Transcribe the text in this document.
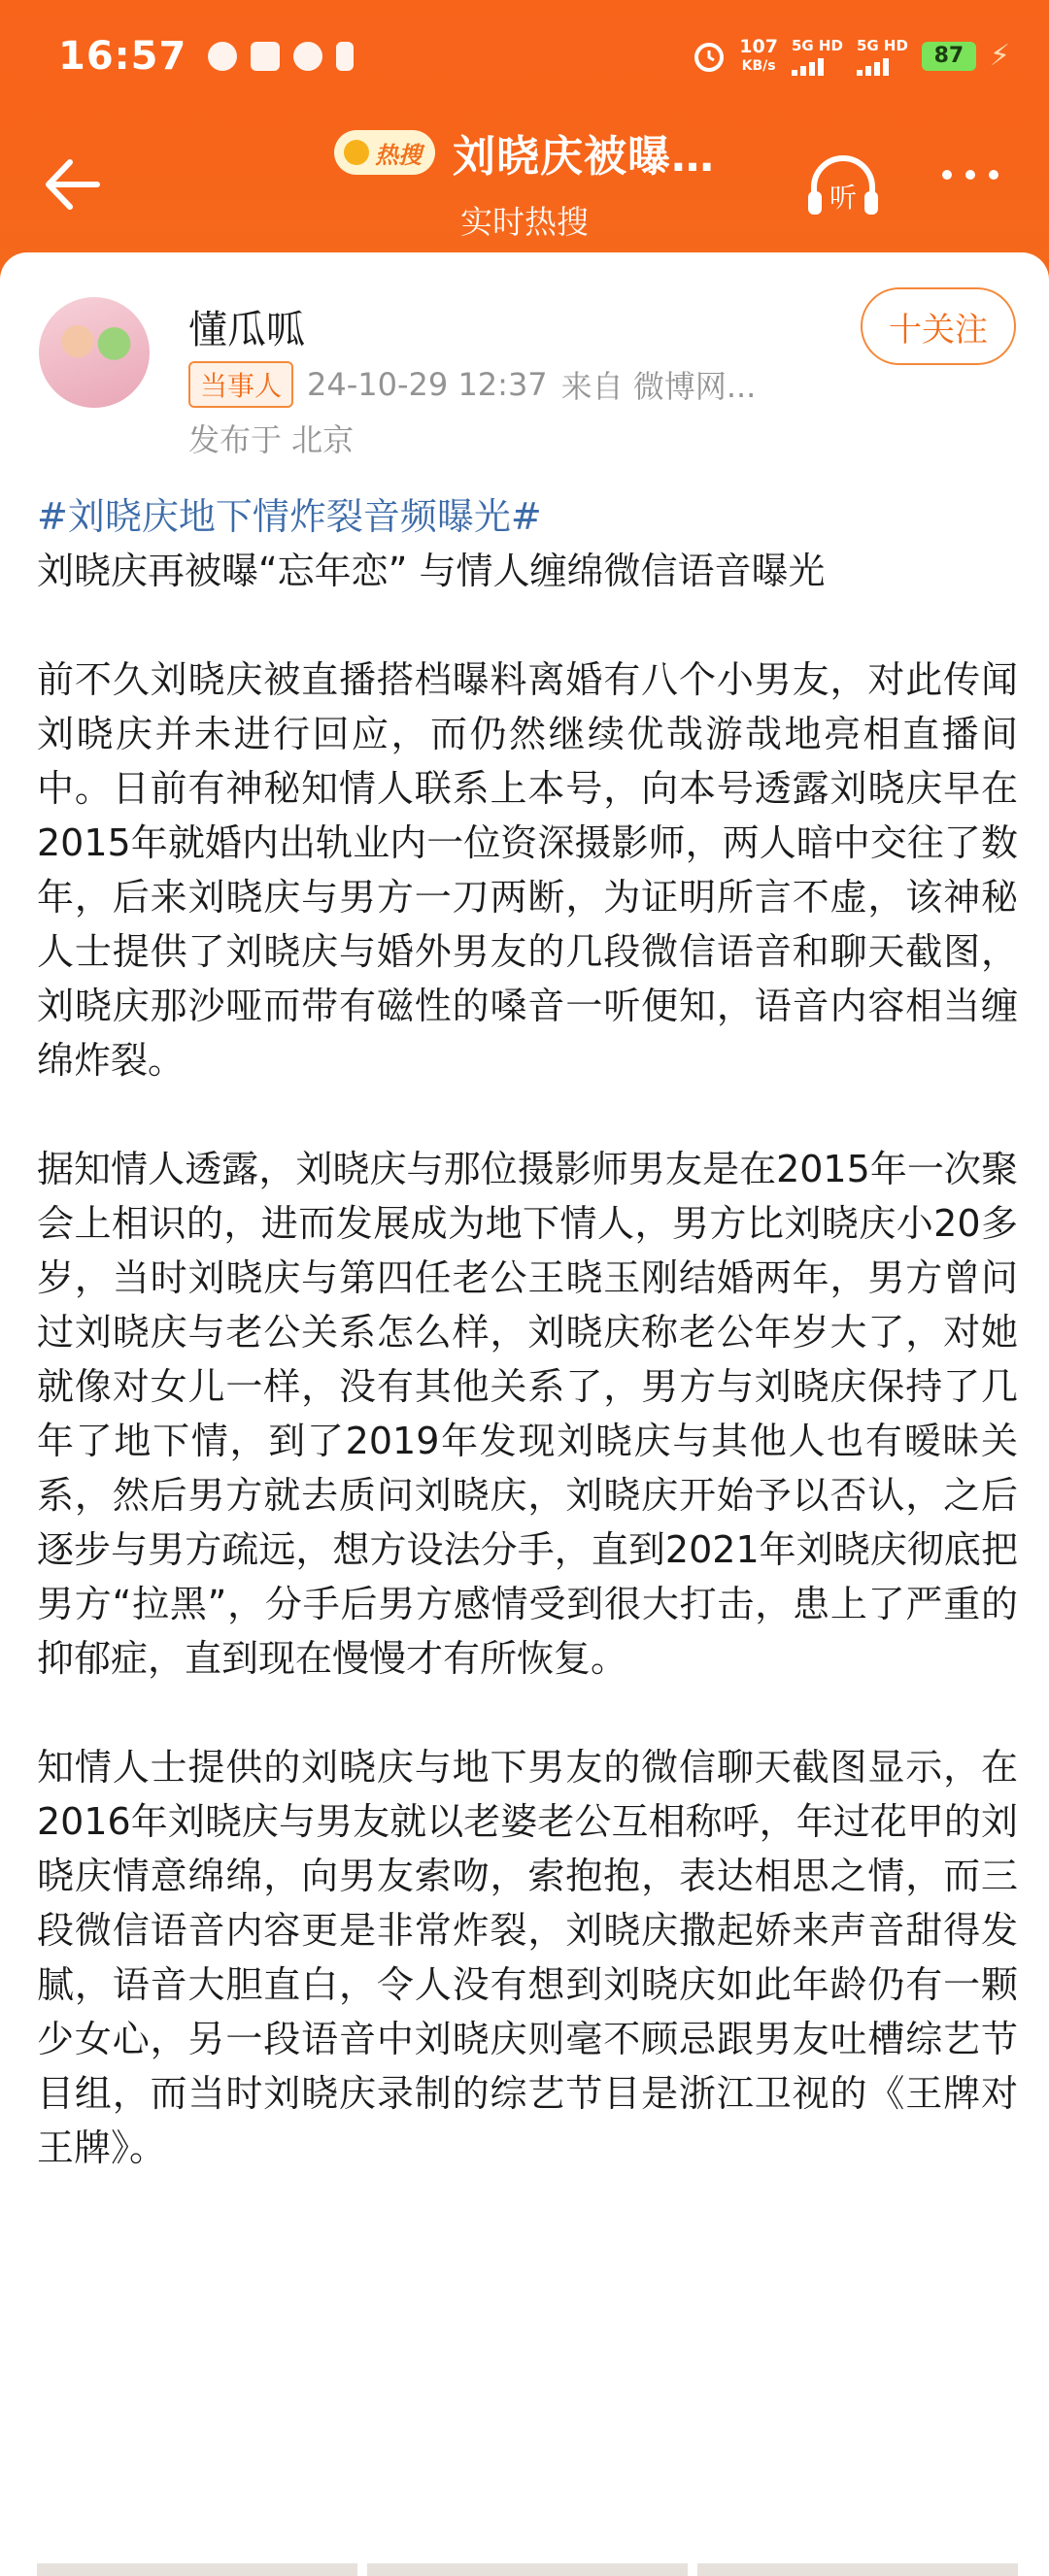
16:57	107
KB/s
5G HD 5G HD	87 ⚡
热搜 刘晓庆被曝…
实时热搜
听
懂瓜呱
当事人 24-10-29 12:37 来自 微博网...
发布于 北京
十关注
#刘晓庆地下情炸裂音频曝光#
刘晓庆再被曝“忘年恋” 与情人缠绵微信语音曝光
前不久刘晓庆被直播搭档曝料离婚有八个小男友，对此传闻刘晓庆并未进行回应，而仍然继续优哉游哉地亮相直播间中。日前有神秘知情人联系上本号，向本号透露刘晓庆早在2015年就婚内出轨业内一位资深摄影师，两人暗中交往了数年，后来刘晓庆与男方一刀两断，为证明所言不虚，该神秘人士提供了刘晓庆与婚外男友的几段微信语音和聊天截图，刘晓庆那沙哑而带有磁性的嗓音一听便知，语音内容相当缠绵炸裂。
据知情人透露，刘晓庆与那位摄影师男友是在2015年一次聚会上相识的，进而发展成为地下情人，男方比刘晓庆小20多岁，当时刘晓庆与第四任老公王晓玉刚结婚两年，男方曾问过刘晓庆与老公关系怎么样，刘晓庆称老公年岁大了，对她就像对女儿一样，没有其他关系了，男方与刘晓庆保持了几年了地下情，到了2019年发现刘晓庆与其他人也有暧昧关系，然后男方就去质问刘晓庆，刘晓庆开始予以否认，之后逐步与男方疏远，想方设法分手，直到2021年刘晓庆彻底把男方“拉黑”，分手后男方感情受到很大打击，患上了严重的抑郁症，直到现在慢慢才有所恢复。
知情人士提供的刘晓庆与地下男友的微信聊天截图显示，在2016年刘晓庆与男友就以老婆老公互相称呼，年过花甲的刘晓庆情意绵绵，向男友索吻，索抱抱，表达相思之情，而三段微信语音内容更是非常炸裂，刘晓庆撒起娇来声音甜得发腻，语音大胆直白，令人没有想到刘晓庆如此年龄仍有一颗少女心，另一段语音中刘晓庆则毫不顾忌跟男友吐槽综艺节目组，而当时刘晓庆录制的综艺节目是浙江卫视的《王牌对王牌》。
